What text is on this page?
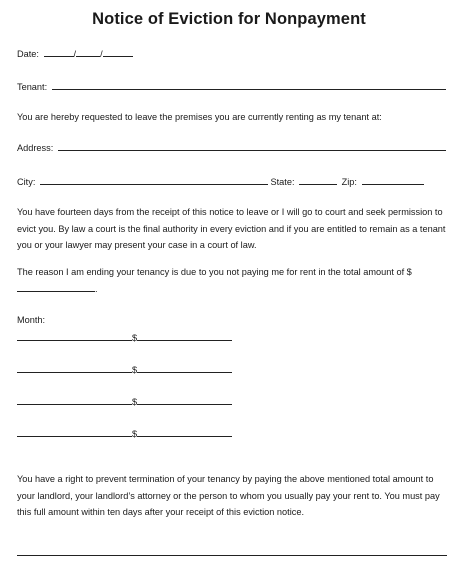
Notice of Eviction for Nonpayment
Date:	/	/
Tenant:
You are hereby requested to leave the premises you are currently renting as my tenant at:
Address:
City:	State:	Zip:
You have fourteen days from the receipt of this notice to leave or I will go to court and seek permission to evict you. By law a court is the final authority in every eviction and if you are entitled to remain as a tenant you or your lawyer may present your case in a court of law.
The reason I am ending your tenancy is due to you not paying me for rent in the total amount of $.
Month:
$
$
$
$
You have a right to prevent termination of your tenancy by paying the above mentioned total amount to your landlord, your landlord’s attorney or the person to whom you usually pay your rent to. You must pay this full amount within ten days after your receipt of this eviction notice.
